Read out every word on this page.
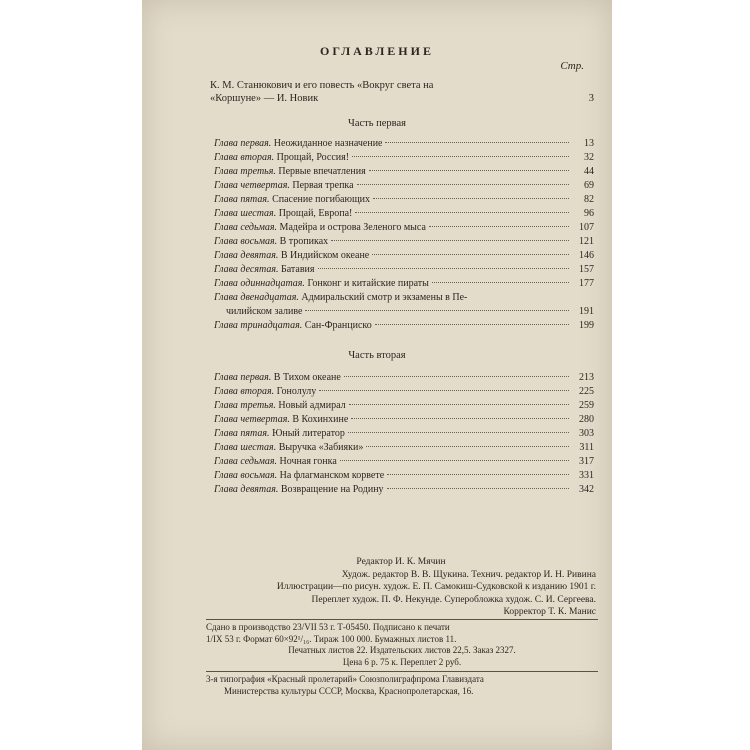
ОГЛАВЛЕНИЕ
Стр.
К. М. Станюкович и его повесть «Вокруг света на
«Коршуне» — И. Новик	3
Часть первая
Глава первая. Неожиданное назначение	13
Глава вторая. Прощай, Россия!	32
Глава третья. Первые впечатления	44
Глава четвертая. Первая трепка	69
Глава пятая. Спасение погибающих	82
Глава шестая. Прощай, Европа!	96
Глава седьмая. Мадейра и острова Зеленого мыса	107
Глава восьмая. В тропиках	121
Глава девятая. В Индийском океане	146
Глава десятая. Батавия	157
Глава одиннадцатая. Гонконг и китайские пираты	177
Глава двенадцатая. Адмиральский смотр и экзамены в Пе-
чилийском заливе	191
Глава тринадцатая. Сан-Франциско	199
Часть вторая
Глава первая. В Тихом океане	213
Глава вторая. Гонолулу	225
Глава третья. Новый адмирал	259
Глава четвертая. В Кохинхине	280
Глава пятая. Юный литератор	303
Глава шестая. Выручка «Забияки»	311
Глава седьмая. Ночная гонка	317
Глава восьмая. На флагманском корвете	331
Глава девятая. Возвращение на Родину	342
Редактор И. К. Мячин
Худож. редактор В. В. Щукина. Технич. редактор И. Н. Ривина
Иллюстрации—по рисун. худож. Е. П. Самокиш-Судковской к изданию 1901 г.
Переплет худож. П. Ф. Некунде. Суперобложка худож. С. И. Сергеева.
Корректор Т. К. Манис
Сдано в производство 23/VII 53 г. Т-05450. Подписано к печати
1/IX 53 г. Формат 60×92¹/₁₆. Тираж 100 000. Бумажных листов 11.
Печатных листов 22. Издательских листов 22,5. Заказ 2327.
Цена 6 р. 75 к. Переплет 2 руб.
3-я типография «Красный пролетарий» Союзполиграфпрома Главиздата
Министерства культуры СССР, Москва, Краснопролетарская, 16.
